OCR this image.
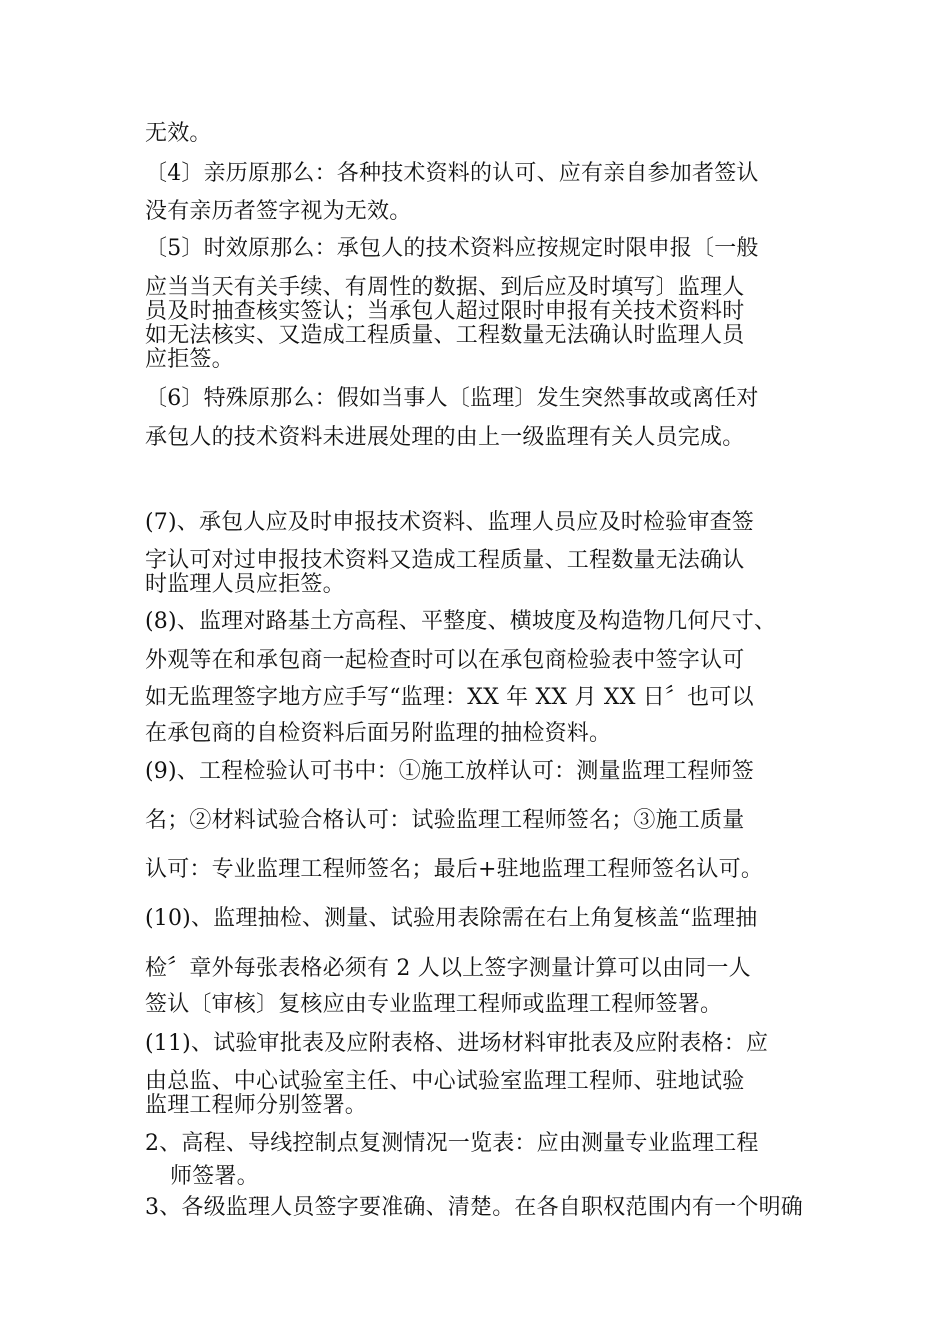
无效。
〔4〕亲历原那么：各种技术资料的认可、应有亲自参加者签认
没有亲历者签字视为无效。
〔5〕时效原那么：承包人的技术资料应按规定时限申报〔一般
应当当天有关手续、有周性的数据、到后应及时填写〕监理人
员及时抽查核实签认；当承包人超过限时申报有关技术资料时
如无法核实、又造成工程质量、工程数量无法确认时监理人员
应拒签。
〔6〕特殊原那么：假如当事人〔监理〕发生突然事故或离任对
承包人的技术资料未进展处理的由上一级监理有关人员完成。
(7)、承包人应及时申报技术资料、监理人员应及时检验审查签
字认可对过申报技术资料又造成工程质量、工程数量无法确认
时监理人员应拒签。
(8)、监理对路基土方高程、平整度、横坡度及构造物几何尺寸、
外观等在和承包商一起检查时可以在承包商检验表中签字认可
如无监理签字地方应手写“监理：XX 年 XX 月 XX 日〞也可以
在承包商的自检资料后面另附监理的抽检资料。
(9)、工程检验认可书中：①施工放样认可：测量监理工程师签
名；②材料试验合格认可：试验监理工程师签名；③施工质量
认可：专业监理工程师签名；最后+驻地监理工程师签名认可。
(10)、监理抽检、测量、试验用表除需在右上角复核盖“监理抽
检〞章外每张表格必须有 2 人以上签字测量计算可以由同一人
签认〔审核〕复核应由专业监理工程师或监理工程师签署。
(11)、试验审批表及应附表格、进场材料审批表及应附表格：应
由总监、中心试验室主任、中心试验室监理工程师、驻地试验
监理工程师分别签署。
2、高程、导线控制点复测情况一览表：应由测量专业监理工程
师签署。
3、各级监理人员签字要准确、清楚。在各自职权范围内有一个明确
